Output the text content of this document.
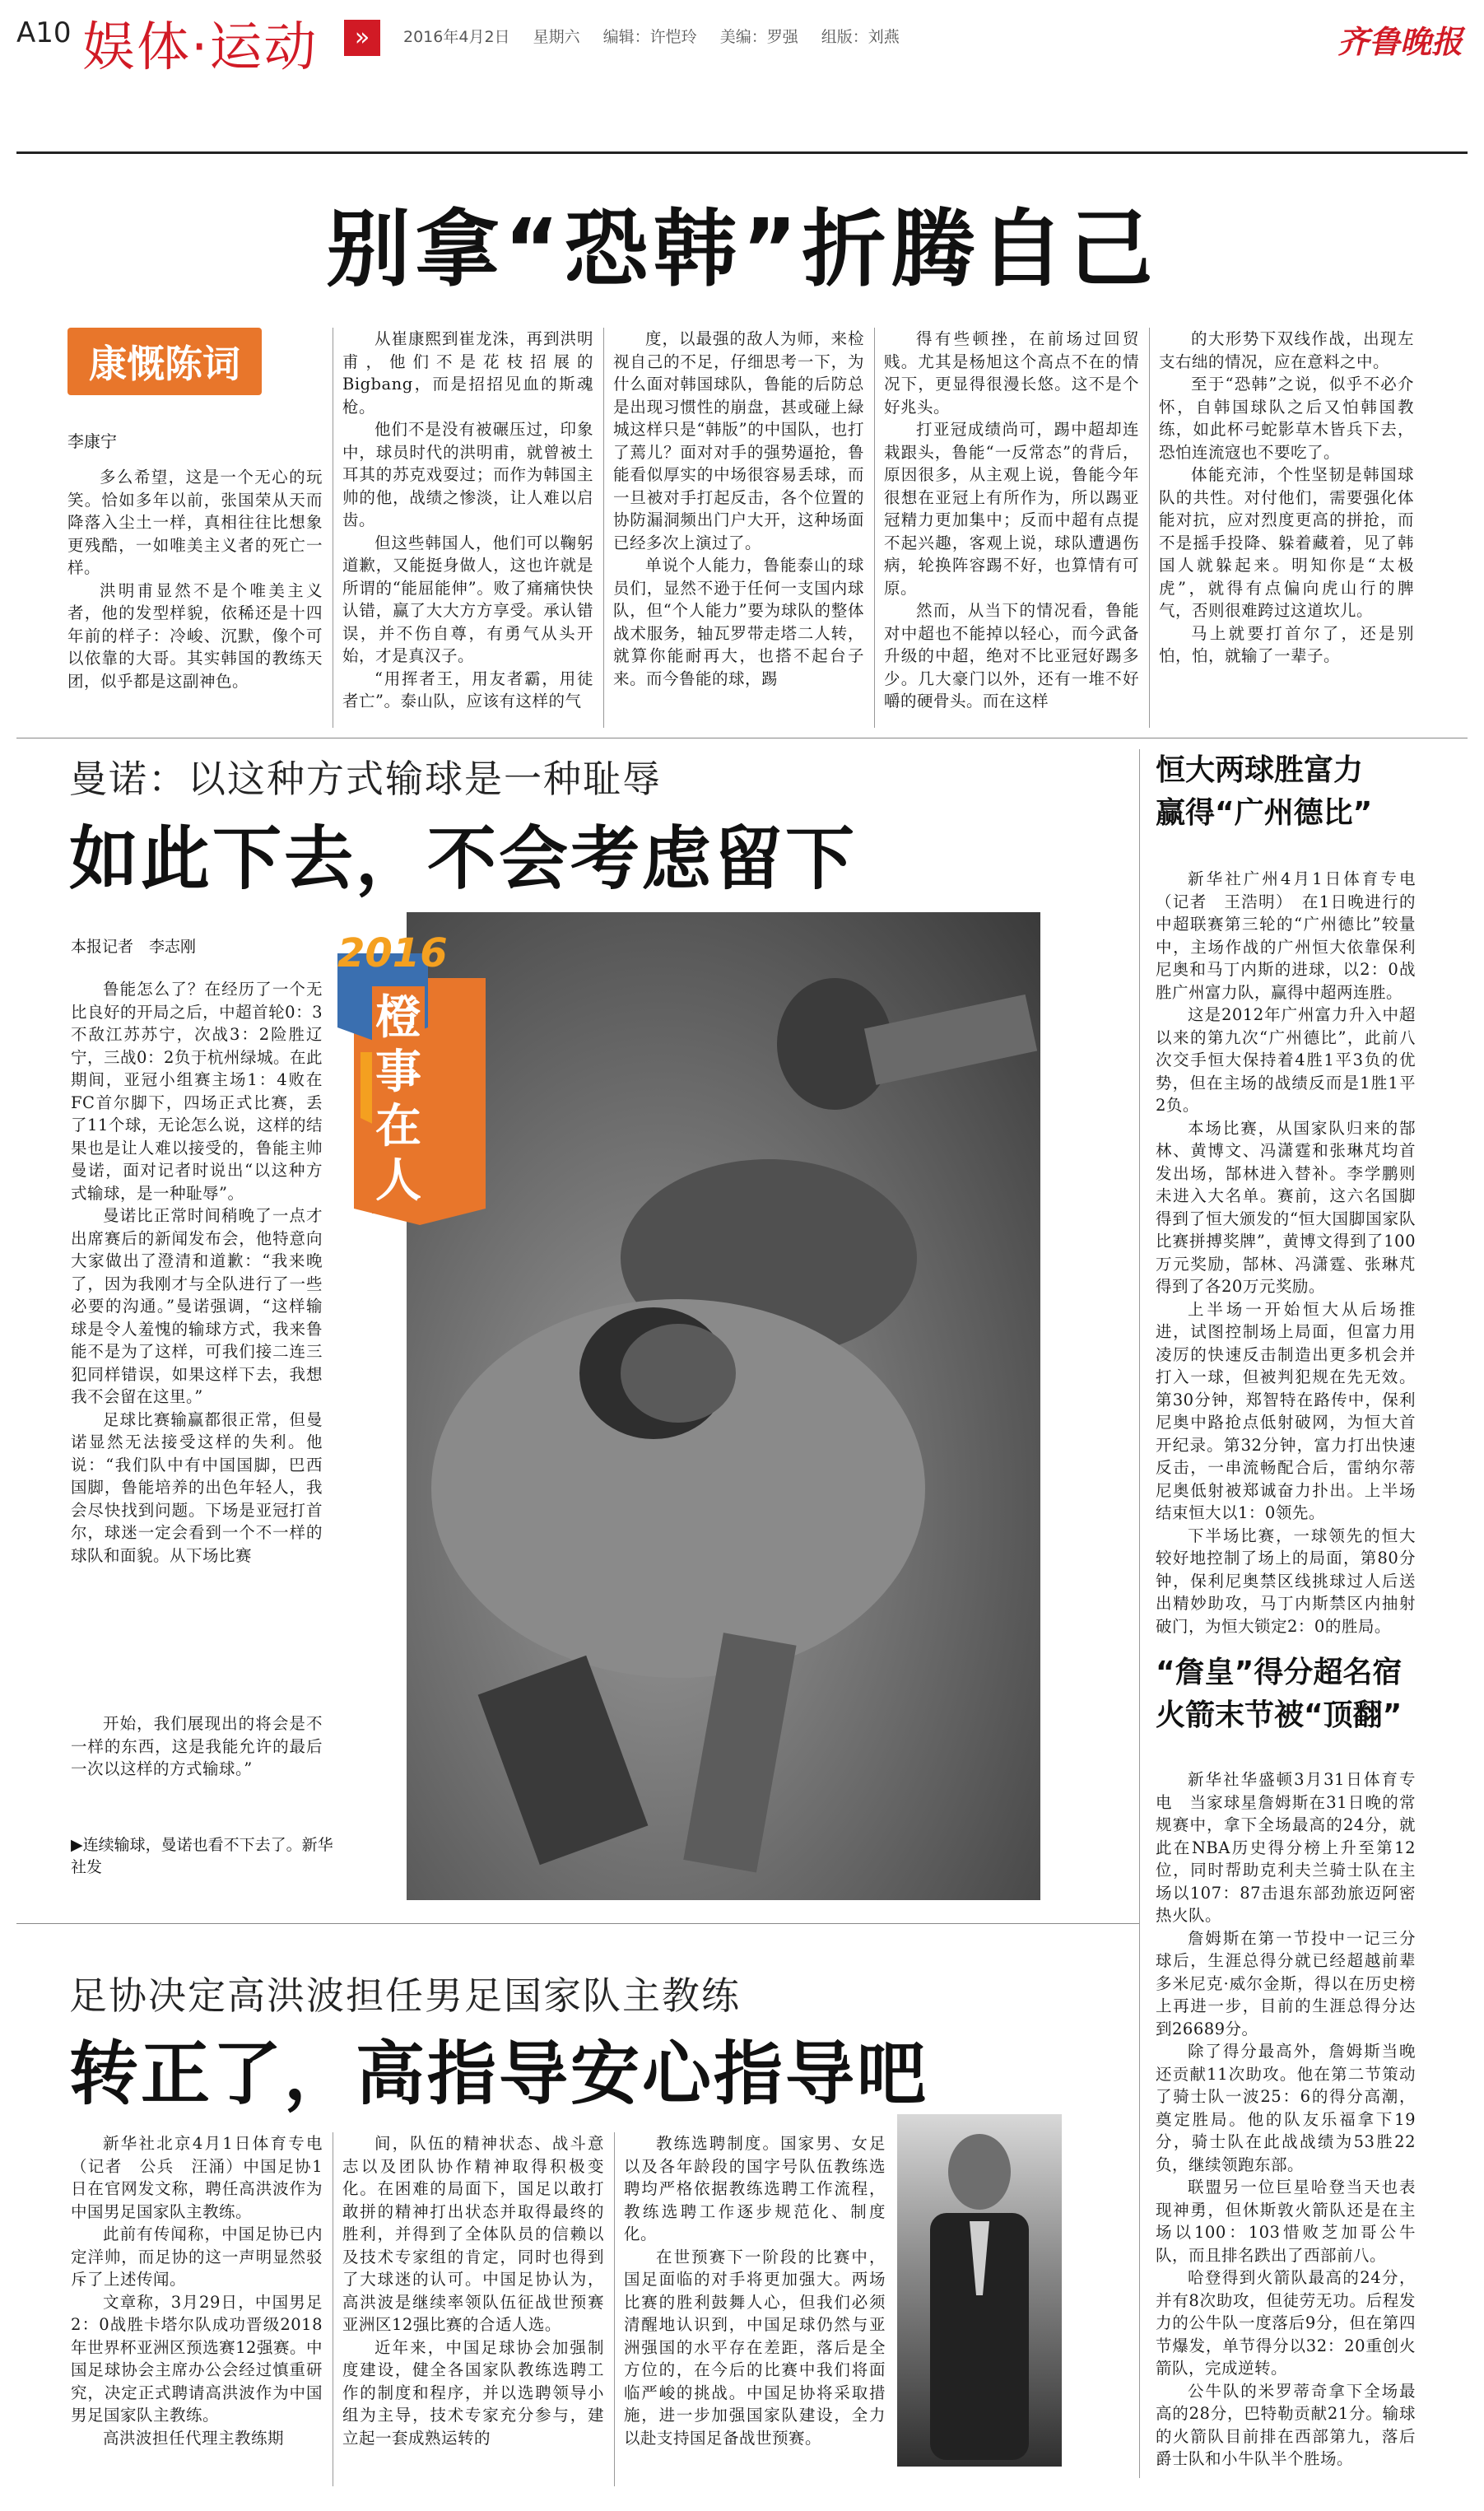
A10 娱体·运动	»	2016年4月2日 星期六 编辑：许恺玲 美编：罗强 组版：刘燕	齐鲁晚报
别拿“恐韩”折腾自己
康慨陈词
李康宁

多么希望，这是一个无心的玩笑。恰如多年以前，张国荣从天而降落入尘土一样，真相往往比想象更残酷，一如唯美主义者的死亡一样。

洪明甫显然不是个唯美主义者，他的发型样貌，依稀还是十四年前的样子：冷峻、沉默，像个可以依靠的大哥。其实韩国的教练天团，似乎都是这副神色。

从崔康熙到崔龙洙，再到洪明甫，他们不是花枝招展的Bigbang，而是招招见血的斯魂枪。

他们不是没有被碾压过，印象中，球员时代的洪明甫，就曾被土耳其的苏克戏耍过；而作为韩国主帅的他，战绩之惨淡，让人难以启齿。

但这些韩国人，他们可以鞠躬道歉，又能挺身做人，这也许就是所谓的“能屈能伸”。败了痛痛快快认错，赢了大大方方享受。承认错误，并不伤自尊，有勇气从头开始，才是真汉子。

“用挥者王，用友者霸，用徒者亡”。泰山队，应该有这样的气

度，以最强的敌人为师，来检视自己的不足，仔细思考一下，为什么面对韩国球队，鲁能的后防总是出现习惯性的崩盘，甚或碰上緑城这样只是“韩版”的中国队，也打了蔫儿？面对对手的强势逼抢，鲁能看似厚实的中场很容易丢球，而一旦被对手打起反击，各个位置的协防漏洞频出门户大开，这种场面已经多次上演过了。

单说个人能力，鲁能泰山的球员们，显然不逊于任何一支国内球队，但“个人能力”要为球队的整体战术服务，轴瓦罗带走塔二人转，就算你能耐再大，也搭不起台子来。而今鲁能的球，踢

得有些顿挫，在前场过回贸贱。尤其是杨旭这个高点不在的情况下，更显得很漫长悠。这不是个好兆头。

打亚冠成绩尚可，踢中超却连栽跟头，鲁能“一反常态”的背后，原因很多，从主观上说，鲁能今年很想在亚冠上有所作为，所以踢亚冠精力更加集中；反而中超有点提不起兴趣，客观上说，球队遭遇伤病，轮换阵容踢不好，也算情有可原。

然而，从当下的情况看，鲁能对中超也不能掉以轻心，而今武备升级的中超，绝对不比亚冠好踢多少。几大豪门以外，还有一堆不好嚼的硬骨头。而在这样

的大形势下双线作战，出现左支右绌的情况，应在意料之中。

至于“恐韩”之说，似乎不必介怀，自韩国球队之后又怕韩国教练，如此杯弓蛇影草木皆兵下去，恐怕连流寇也不要吃了。

体能充沛，个性坚韧是韩国球队的共性。对付他们，需要强化体能对抗，应对烈度更高的拼抢，而不是摇手投降、躲着藏着，见了韩国人就躲起来。明知你是“太极虎”，就得有点偏向虎山行的脾气，否则很难跨过这道坎儿。

马上就要打首尔了，还是别怕，怕，就输了一辈子。

曼诺：以这种方式输球是一种耻辱
如此下去，不会考虑留下
本报记者　李志刚

鲁能怎么了？在经历了一个无比良好的开局之后，中超首轮0：3不敌江苏苏宁，次战3：2险胜辽宁，三战0：2负于杭州绿城。在此期间，亚冠小组赛主场1：4败在FC首尔脚下，四场正式比赛，丢了11个球，无论怎么说，这样的结果也是让人难以接受的，鲁能主帅曼诺，面对记者时说出“以这种方式输球，是一种耻辱”。

曼诺比正常时间稍晚了一点才出席赛后的新闻发布会，他特意向大家做出了澄清和道歉：“我来晚了，因为我刚才与全队进行了一些必要的沟通。”曼诺强调，“这样输球是令人羞愧的输球方式，我来鲁能不是为了这样，可我们接二连三犯同样错误，如果这样下去，我想我不会留在这里。”

足球比赛输赢都很正常，但曼诺显然无法接受这样的失利。他说：“我们队中有中国国脚，巴西国脚，鲁能培养的出色年轻人，我会尽快找到问题。下场是亚冠打首尔，球迷一定会看到一个不一样的球队和面貌。从下场比赛

2016
橙事在人

开始，我们展现出的将会是不一样的东西，这是我能允许的最后一次以这样的方式输球。”

▶连续输球，曼诺也看不下去了。新华社发
恒大两球胜富力
赢得“广州德比”

新华社广州4月1日体育专电（记者　王浩明）　在1日晚进行的中超联赛第三轮的“广州德比”较量中，主场作战的广州恒大依靠保利尼奥和马丁内斯的进球，以2：0战胜广州富力队，赢得中超两连胜。

这是2012年广州富力升入中超以来的第九次“广州德比”，此前八次交手恒大保持着4胜1平3负的优势，但在主场的战绩反而是1胜1平2负。

本场比赛，从国家队归来的郜林、黄博文、冯潇霆和张琳芃均首发出场，郜林进入替补。李学鹏则未进入大名单。赛前，这六名国脚得到了恒大颁发的“恒大国脚国家队比赛拼搏奖牌”，黄博文得到了100万元奖励，郜林、冯潇霆、张琳芃得到了各20万元奖励。

上半场一开始恒大从后场推进，试图控制场上局面，但富力用凌厉的快速反击制造出更多机会并打入一球，但被判犯规在先无效。第30分钟，郑智特在路传中，保利尼奥中路抢点低射破网，为恒大首开纪录。第32分钟，富力打出快速反击，一串流畅配合后，雷纳尔蒂尼奥低射被郑诚奋力扑出。上半场结束恒大以1：0领先。

下半场比赛，一球领先的恒大较好地控制了场上的局面，第80分钟，保利尼奥禁区线挑球过人后送出精妙助攻，马丁内斯禁区内抽射破门，为恒大锁定2：0的胜局。

“詹皇”得分超名宿
火箭末节被“顶翻”

新华社华盛顿3月31日体育专电　当家球星詹姆斯在31日晚的常规赛中，拿下全场最高的24分，就此在NBA历史得分榜上升至第12位，同时帮助克利夫兰骑士队在主场以107：87击退东部劲旅迈阿密热火队。

詹姆斯在第一节投中一记三分球后，生涯总得分就已经超越前辈多米尼克·威尔金斯，得以在历史榜上再进一步，目前的生涯总得分达到26689分。

除了得分最高外，詹姆斯当晚还贡献11次助攻。他在第二节策动了骑士队一波25：6的得分高潮，奠定胜局。他的队友乐福拿下19分，骑士队在此战战绩为53胜22负，继续领跑东部。

联盟另一位巨星哈登当天也表现神勇，但休斯敦火箭队还是在主场以100：103惜败芝加哥公牛队，而且排名跌出了西部前八。

哈登得到火箭队最高的24分，并有8次助攻，但徒劳无功。后程发力的公牛队一度落后9分，但在第四节爆发，单节得分以32：20重创火箭队，完成逆转。

公牛队的米罗蒂奇拿下全场最高的28分，巴特勒贡献21分。输球的火箭队目前排在西部第九，落后爵士队和小牛队半个胜场。

足协决定高洪波担任男足国家队主教练
转正了，高指导安心指导吧

新华社北京4月1日体育专电（记者　公兵　汪涌）中国足协1日在官网发文称，聘任高洪波作为中国男足国家队主教练。

此前有传闻称，中国足协已内定洋帅，而足协的这一声明显然驳斥了上述传闻。

文章称，3月29日，中国男足2：0战胜卡塔尔队成功晋级2018年世界杯亚洲区预选赛12强赛。中国足球协会主席办公会经过慎重研究，决定正式聘请高洪波作为中国男足国家队主教练。

高洪波担任代理主教练期

间，队伍的精神状态、战斗意志以及团队协作精神取得积极变化。在困难的局面下，国足以敢打敢拼的精神打出状态并取得最终的胜利，并得到了全体队员的信赖以及技术专家组的肯定，同时也得到了大球迷的认可。中国足协认为，高洪波是继续率领队伍征战世预赛亚洲区12强比赛的合适人选。

近年来，中国足球协会加强制度建设，健全各国家队教练选聘工作的制度和程序，并以选聘领导小组为主导，技术专家充分参与，建立起一套成熟运转的

教练选聘制度。国家男、女足以及各年龄段的国字号队伍教练选聘均严格依据教练选聘工作流程，教练选聘工作逐步规范化、制度化。

在世预赛下一阶段的比赛中，国足面临的对手将更加强大。两场比赛的胜利鼓舞人心，但我们必须清醒地认识到，中国足球仍然与亚洲强国的水平存在差距，落后是全方位的，在今后的比赛中我们将面临严峻的挑战。中国足协将采取措施，进一步加强国家队建设，全力以赴支持国足备战世预赛。
